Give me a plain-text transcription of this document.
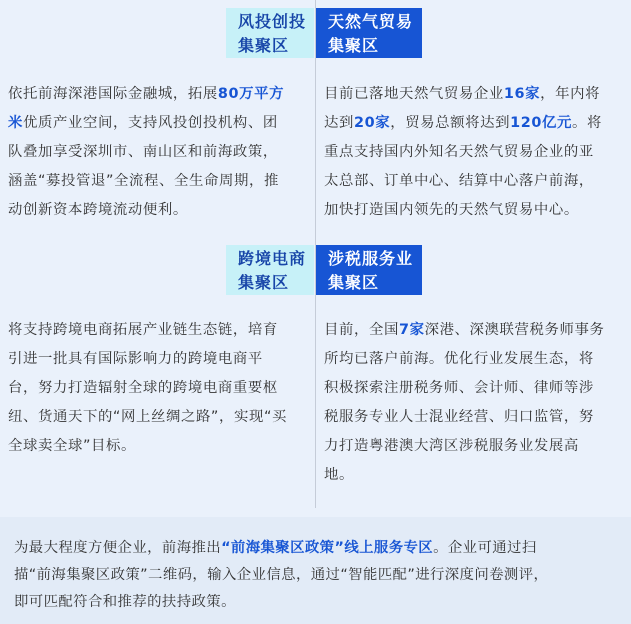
风投创投
集聚区

依托前海深港国际金融城，拓展80万平方
米优质产业空间，支持风投创投机构、团
队叠加享受深圳市、南山区和前海政策，
涵盖“募投管退”全流程、全生命周期，推
动创新资本跨境流动便利。

天然气贸易
集聚区

目前已落地天然气贸易企业16家，年内将
达到20家，贸易总额将达到120亿元。将
重点支持国内外知名天然气贸易企业的亚
太总部、订单中心、结算中心落户前海，
加快打造国内领先的天然气贸易中心。

跨境电商
集聚区

将支持跨境电商拓展产业链生态链，培育
引进一批具有国际影响力的跨境电商平
台，努力打造辐射全球的跨境电商重要枢
纽、货通天下的“网上丝绸之路”，实现“买
全球卖全球”目标。

涉税服务业
集聚区

目前，全国7家深港、深澳联营税务师事务
所均已落户前海。优化行业发展生态，将
积极探索注册税务师、会计师、律师等涉
税服务专业人士混业经营、归口监管，努
力打造粤港澳大湾区涉税服务业发展高
地。

为最大程度方便企业，前海推出“前海集聚区政策”线上服务专区。企业可通过扫
描“前海集聚区政策”二维码，输入企业信息，通过“智能匹配”进行深度问卷测评，
即可匹配符合和推荐的扶持政策。
